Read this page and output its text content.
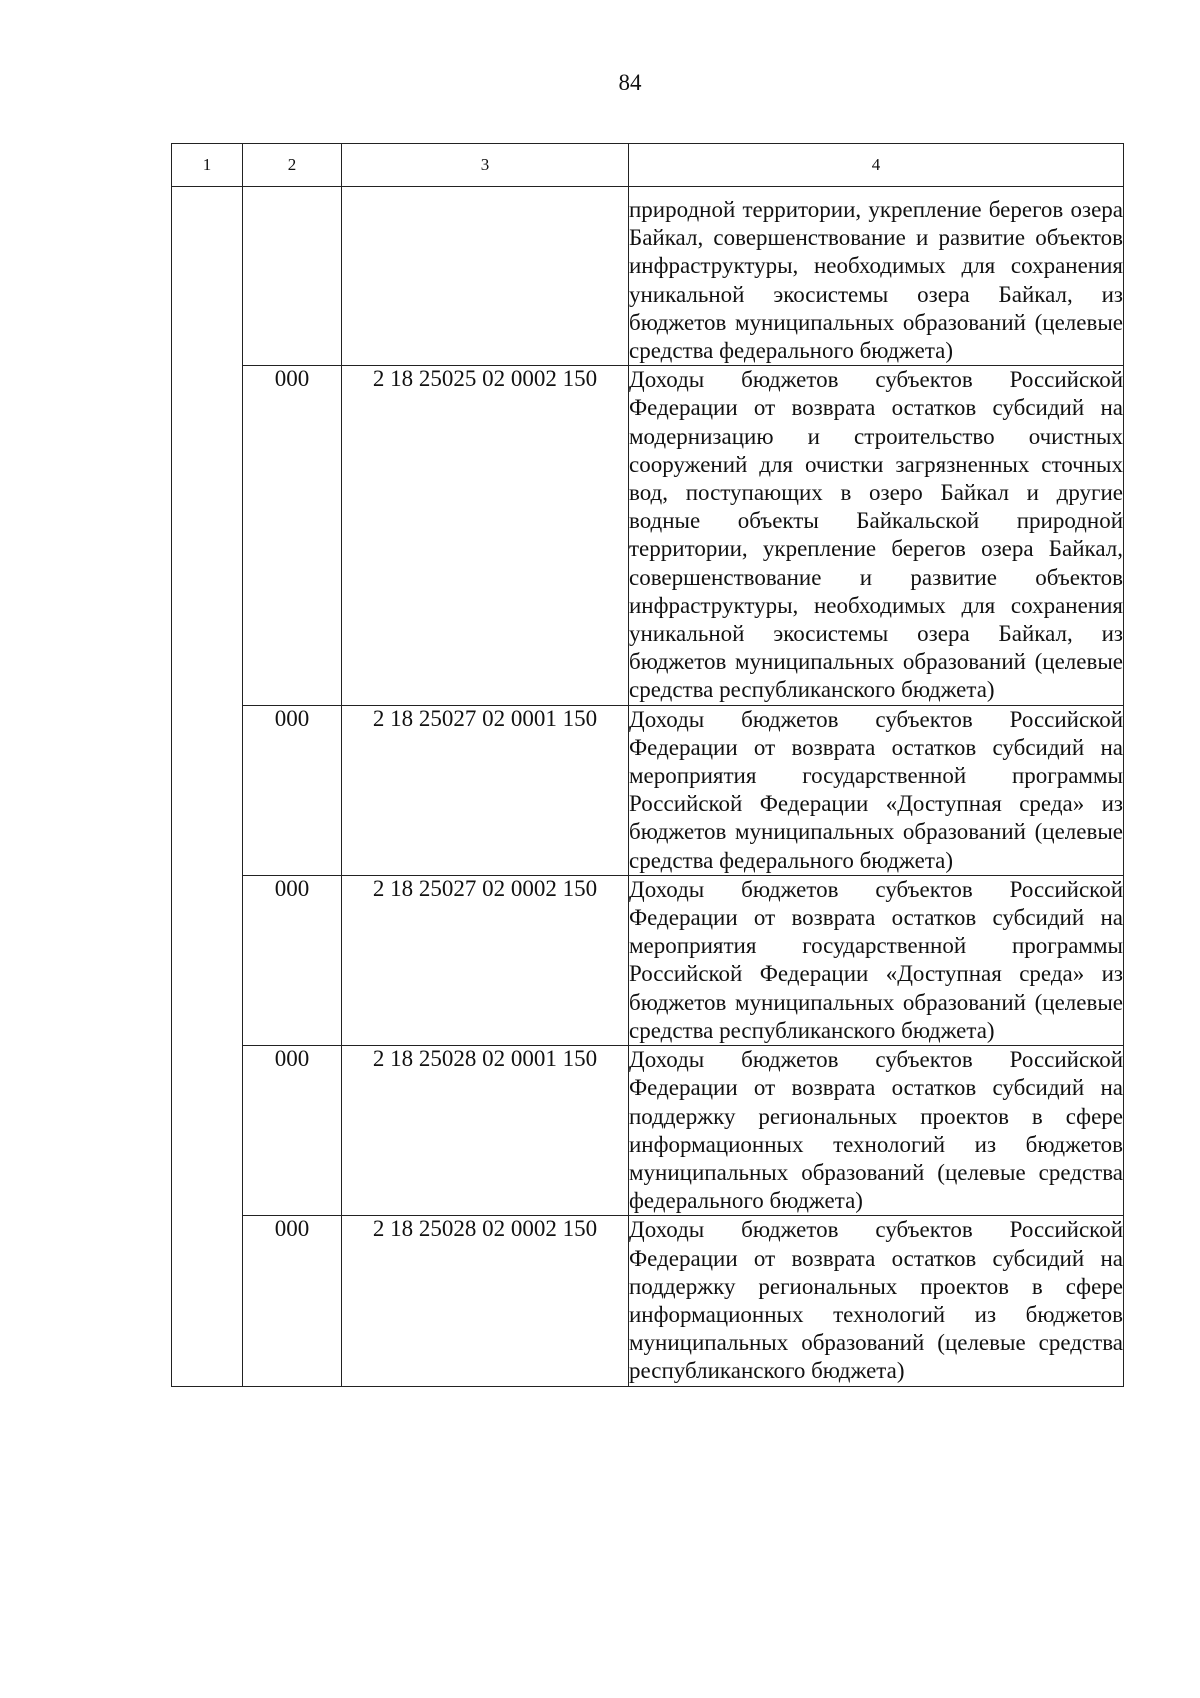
84
1	2	3	4
			природной территории, укрепление берегов озера Байкал, совершенствование и развитие объектов инфраструктуры, необходимых для сохранения уникальной экосистемы озера Байкал, из бюджетов муниципальных образований (целевые средства федерального бюджета)
	000	2 18 25025 02 0002 150	Доходы бюджетов субъектов Российской Федерации от возврата остатков субсидий на модернизацию и строительство очистных сооружений для очистки загрязненных сточных вод, поступающих в озеро Байкал и другие водные объекты Байкальской природной территории, укрепление берегов озера Байкал, совершенствование и развитие объектов инфраструктуры, необходимых для сохранения уникальной экосистемы озера Байкал, из бюджетов муниципальных образований (целевые средства республиканского бюджета)
	000	2 18 25027 02 0001 150	Доходы бюджетов субъектов Российской Федерации от возврата остатков субсидий на мероприятия государственной программы Российской Федерации «Доступная среда» из бюджетов муниципальных образований (целевые средства федерального бюджета)
	000	2 18 25027 02 0002 150	Доходы бюджетов субъектов Российской Федерации от возврата остатков субсидий на мероприятия государственной программы Российской Федерации «Доступная среда» из бюджетов муниципальных образований (целевые средства республиканского бюджета)
	000	2 18 25028 02 0001 150	Доходы бюджетов субъектов Российской Федерации от возврата остатков субсидий на поддержку региональных проектов в сфере информационных технологий из бюджетов муниципальных образований (целевые средства федерального бюджета)
	000	2 18 25028 02 0002 150	Доходы бюджетов субъектов Российской Федерации от возврата остатков субсидий на поддержку региональных проектов в сфере информационных технологий из бюджетов муниципальных образований (целевые средства республиканского бюджета)
